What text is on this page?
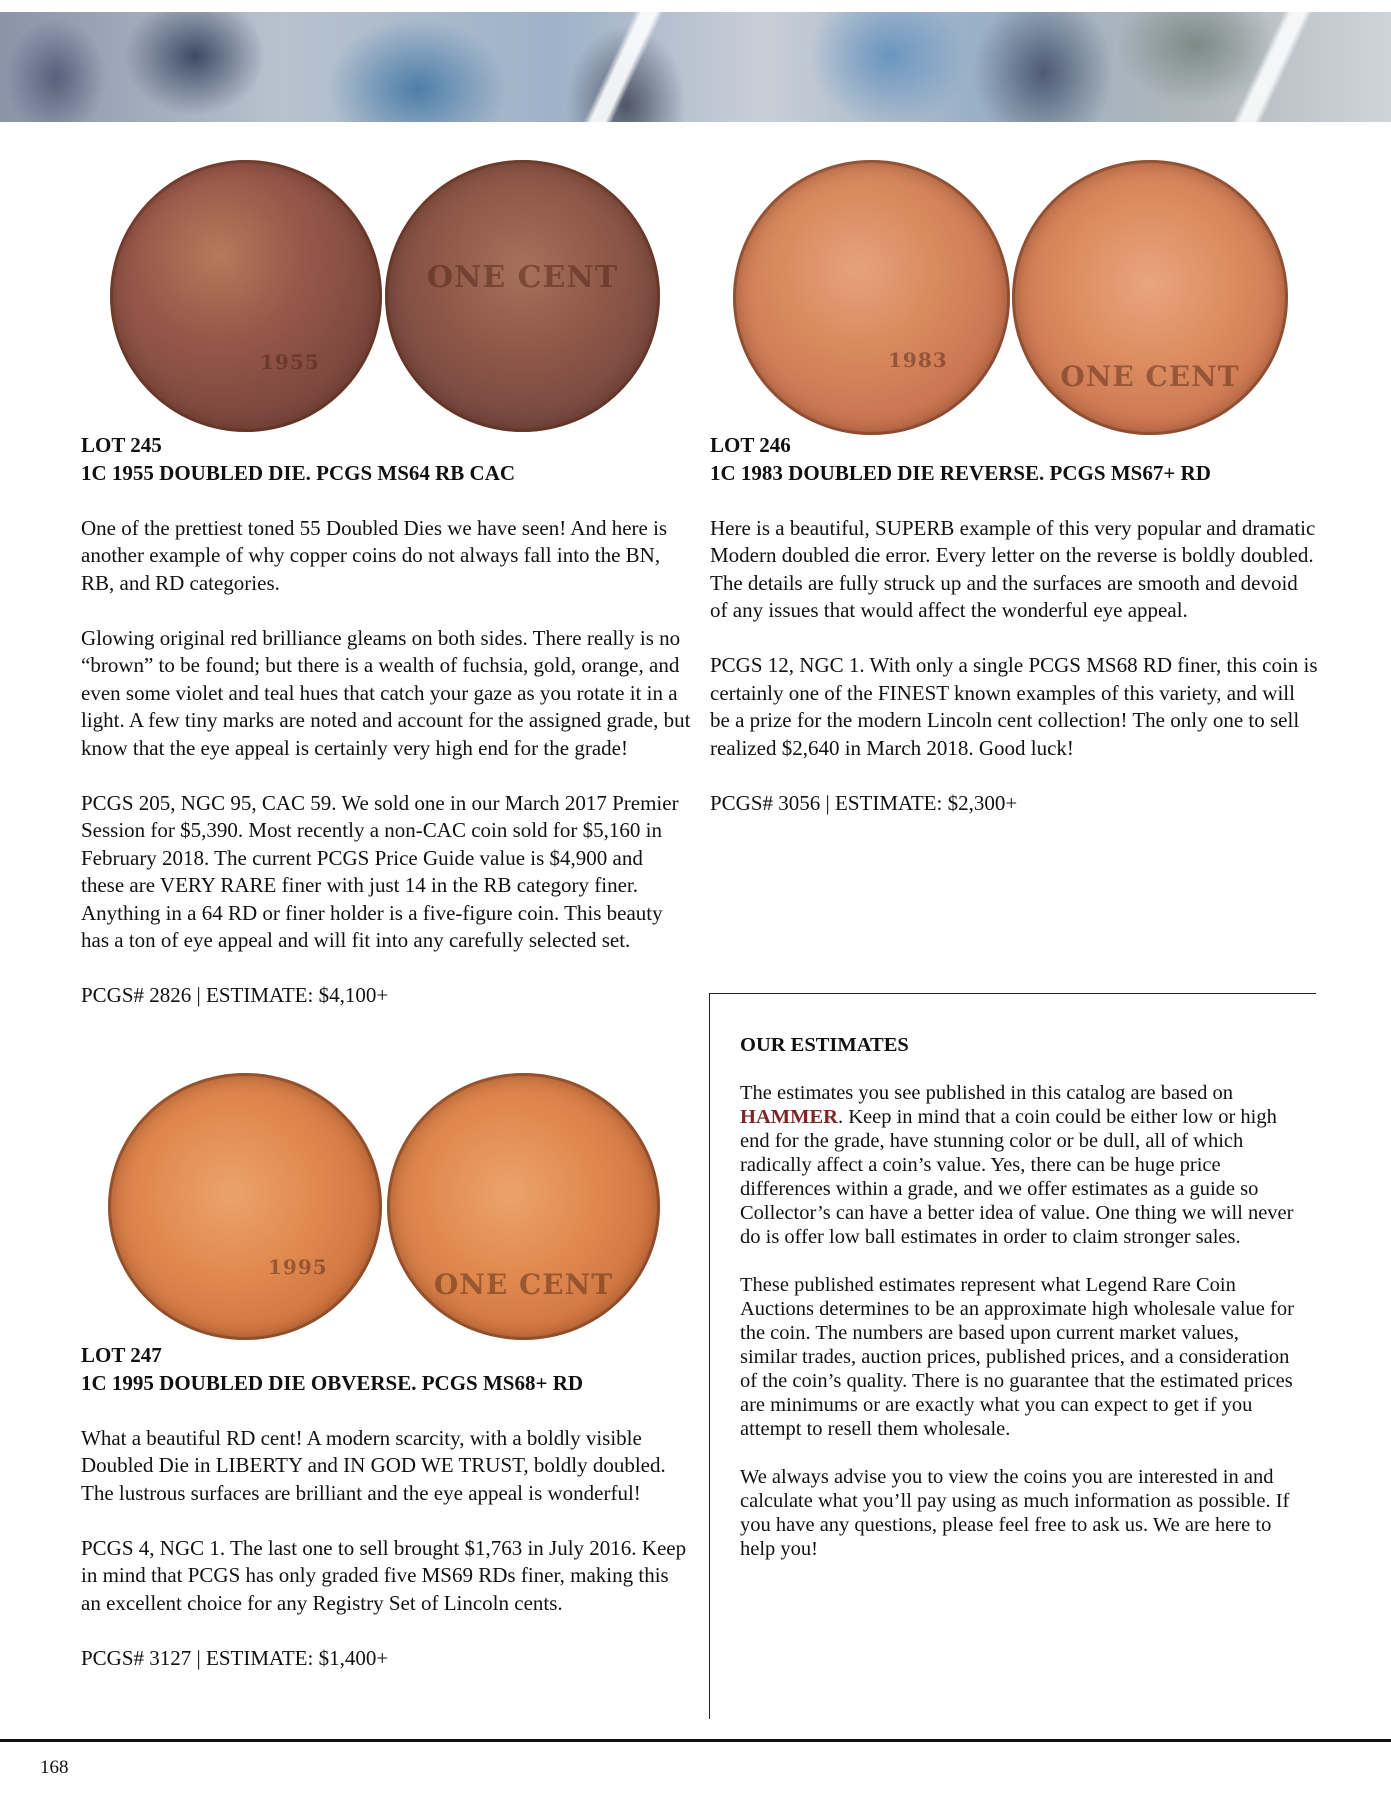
1955
ONE CENT
LOT 245
1C 1955 DOUBLED DIE. PCGS MS64 RB CAC

One of the prettiest toned 55 Doubled Dies we have seen! And here is another example of why copper coins do not always fall into the BN, RB, and RD categories.

Glowing original red brilliance gleams on both sides. There really is no “brown” to be found; but there is a wealth of fuchsia, gold, orange, and even some violet and teal hues that catch your gaze as you rotate it in a light. A few tiny marks are noted and account for the assigned grade, but know that the eye appeal is certainly very high end for the grade!

PCGS 205, NGC 95, CAC 59. We sold one in our March 2017 Premier Session for $5,390. Most recently a non-CAC coin sold for $5,160 in February 2018. The current PCGS Price Guide value is $4,900 and these are VERY RARE finer with just 14 in the RB category finer. Anything in a 64 RD or finer holder is a five-figure coin. This beauty has a ton of eye appeal and will fit into any carefully selected set.

PCGS# 2826 | ESTIMATE: $4,100+

1983	ONE CENT
LOT 246
1C 1983 DOUBLED DIE REVERSE. PCGS MS67+ RD

Here is a beautiful, SUPERB example of this very popular and dramatic Modern doubled die error. Every letter on the reverse is boldly doubled. The details are fully struck up and the surfaces are smooth and devoid of any issues that would affect the wonderful eye appeal.

PCGS 12, NGC 1. With only a single PCGS MS68 RD finer, this coin is certainly one of the FINEST known examples of this variety, and will be a prize for the modern Lincoln cent collection! The only one to sell realized $2,640 in March 2018. Good luck!

PCGS# 3056 | ESTIMATE: $2,300+

1995
ONE CENT
LOT 247
1C 1995 DOUBLED DIE OBVERSE. PCGS MS68+ RD

What a beautiful RD cent! A modern scarcity, with a boldly visible Doubled Die in LIBERTY and IN GOD WE TRUST, boldly doubled. The lustrous surfaces are brilliant and the eye appeal is wonderful!

PCGS 4, NGC 1. The last one to sell brought $1,763 in July 2016. Keep in mind that PCGS has only graded five MS69 RDs finer, making this an excellent choice for any Registry Set of Lincoln cents.

PCGS# 3127 | ESTIMATE: $1,400+

OUR ESTIMATES

The estimates you see published in this catalog are based on HAMMER. Keep in mind that a coin could be either low or high end for the grade, have stunning color or be dull, all of which radically affect a coin’s value. Yes, there can be huge price differences within a grade, and we offer estimates as a guide so Collector’s can have a better idea of value. One thing we will never do is offer low ball estimates in order to claim stronger sales.

These published estimates represent what Legend Rare Coin Auctions determines to be an approximate high wholesale value for the coin. The numbers are based upon current market values, similar trades, auction prices, published prices, and a consideration of the coin’s quality. There is no guarantee that the estimated prices are minimums or are exactly what you can expect to get if you attempt to resell them wholesale.

We always advise you to view the coins you are interested in and calculate what you’ll pay using as much information as possible. If you have any questions, please feel free to ask us. We are here to help you!

168
